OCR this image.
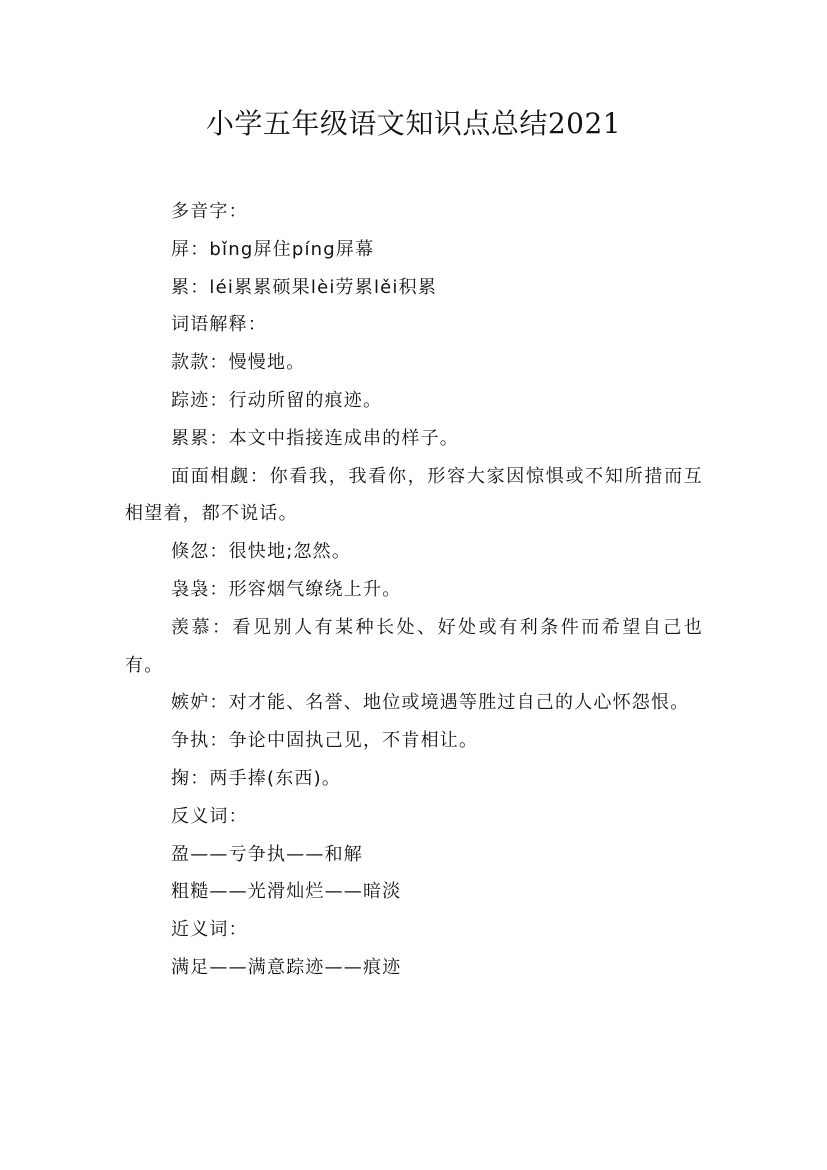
小学五年级语文知识点总结2021

多音字：

屏：bǐng屏住píng屏幕

累：léi累累硕果lèi劳累lěi积累

词语解释：

款款：慢慢地。

踪迹：行动所留的痕迹。

累累：本文中指接连成串的样子。

面面相觑：你看我，我看你，形容大家因惊惧或不知所措而互相望着，都不说话。

倏忽：很快地;忽然。

袅袅：形容烟气缭绕上升。

羡慕：看见别人有某种长处、好处或有利条件而希望自己也有。

嫉妒：对才能、名誉、地位或境遇等胜过自己的人心怀怨恨。

争执：争论中固执己见，不肯相让。

掬：两手捧(东西)。

反义词：

盈——亏争执——和解

粗糙——光滑灿烂——暗淡

近义词：

满足——满意踪迹——痕迹
